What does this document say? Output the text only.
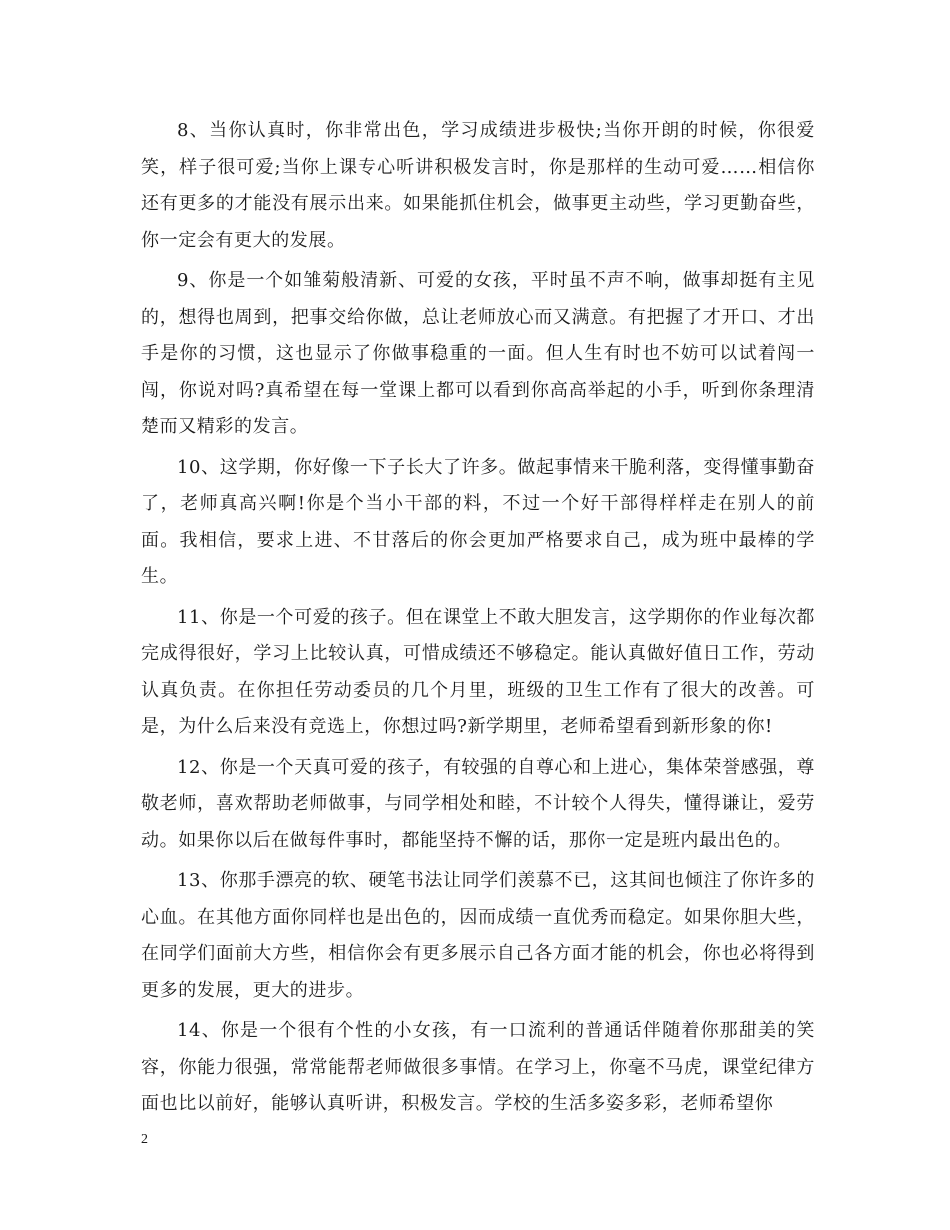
8、当你认真时，你非常出色，学习成绩进步极快;当你开朗的时候，你很爱笑，样子很可爱;当你上课专心听讲积极发言时，你是那样的生动可爱……相信你还有更多的才能没有展示出来。如果能抓住机会，做事更主动些，学习更勤奋些，你一定会有更大的发展。

9、你是一个如雏菊般清新、可爱的女孩，平时虽不声不响，做事却挺有主见的，想得也周到，把事交给你做，总让老师放心而又满意。有把握了才开口、才出手是你的习惯，这也显示了你做事稳重的一面。但人生有时也不妨可以试着闯一闯，你说对吗?真希望在每一堂课上都可以看到你高高举起的小手，听到你条理清楚而又精彩的发言。

10、这学期，你好像一下子长大了许多。做起事情来干脆利落，变得懂事勤奋了，老师真高兴啊!你是个当小干部的料，不过一个好干部得样样走在别人的前面。我相信，要求上进、不甘落后的你会更加严格要求自己，成为班中最棒的学生。

11、你是一个可爱的孩子。但在课堂上不敢大胆发言，这学期你的作业每次都完成得很好，学习上比较认真，可惜成绩还不够稳定。能认真做好值日工作，劳动认真负责。在你担任劳动委员的几个月里，班级的卫生工作有了很大的改善。可是，为什么后来没有竞选上，你想过吗?新学期里，老师希望看到新形象的你!

12、你是一个天真可爱的孩子，有较强的自尊心和上进心，集体荣誉感强，尊敬老师，喜欢帮助老师做事，与同学相处和睦，不计较个人得失，懂得谦让，爱劳动。如果你以后在做每件事时，都能坚持不懈的话，那你一定是班内最出色的。

13、你那手漂亮的软、硬笔书法让同学们羡慕不已，这其间也倾注了你许多的心血。在其他方面你同样也是出色的，因而成绩一直优秀而稳定。如果你胆大些，在同学们面前大方些，相信你会有更多展示自己各方面才能的机会，你也必将得到更多的发展，更大的进步。

14、你是一个很有个性的小女孩，有一口流利的普通话伴随着你那甜美的笑容，你能力很强，常常能帮老师做很多事情。在学习上，你毫不马虎，课堂纪律方面也比以前好，能够认真听讲，积极发言。学校的生活多姿多彩，老师希望你

2
